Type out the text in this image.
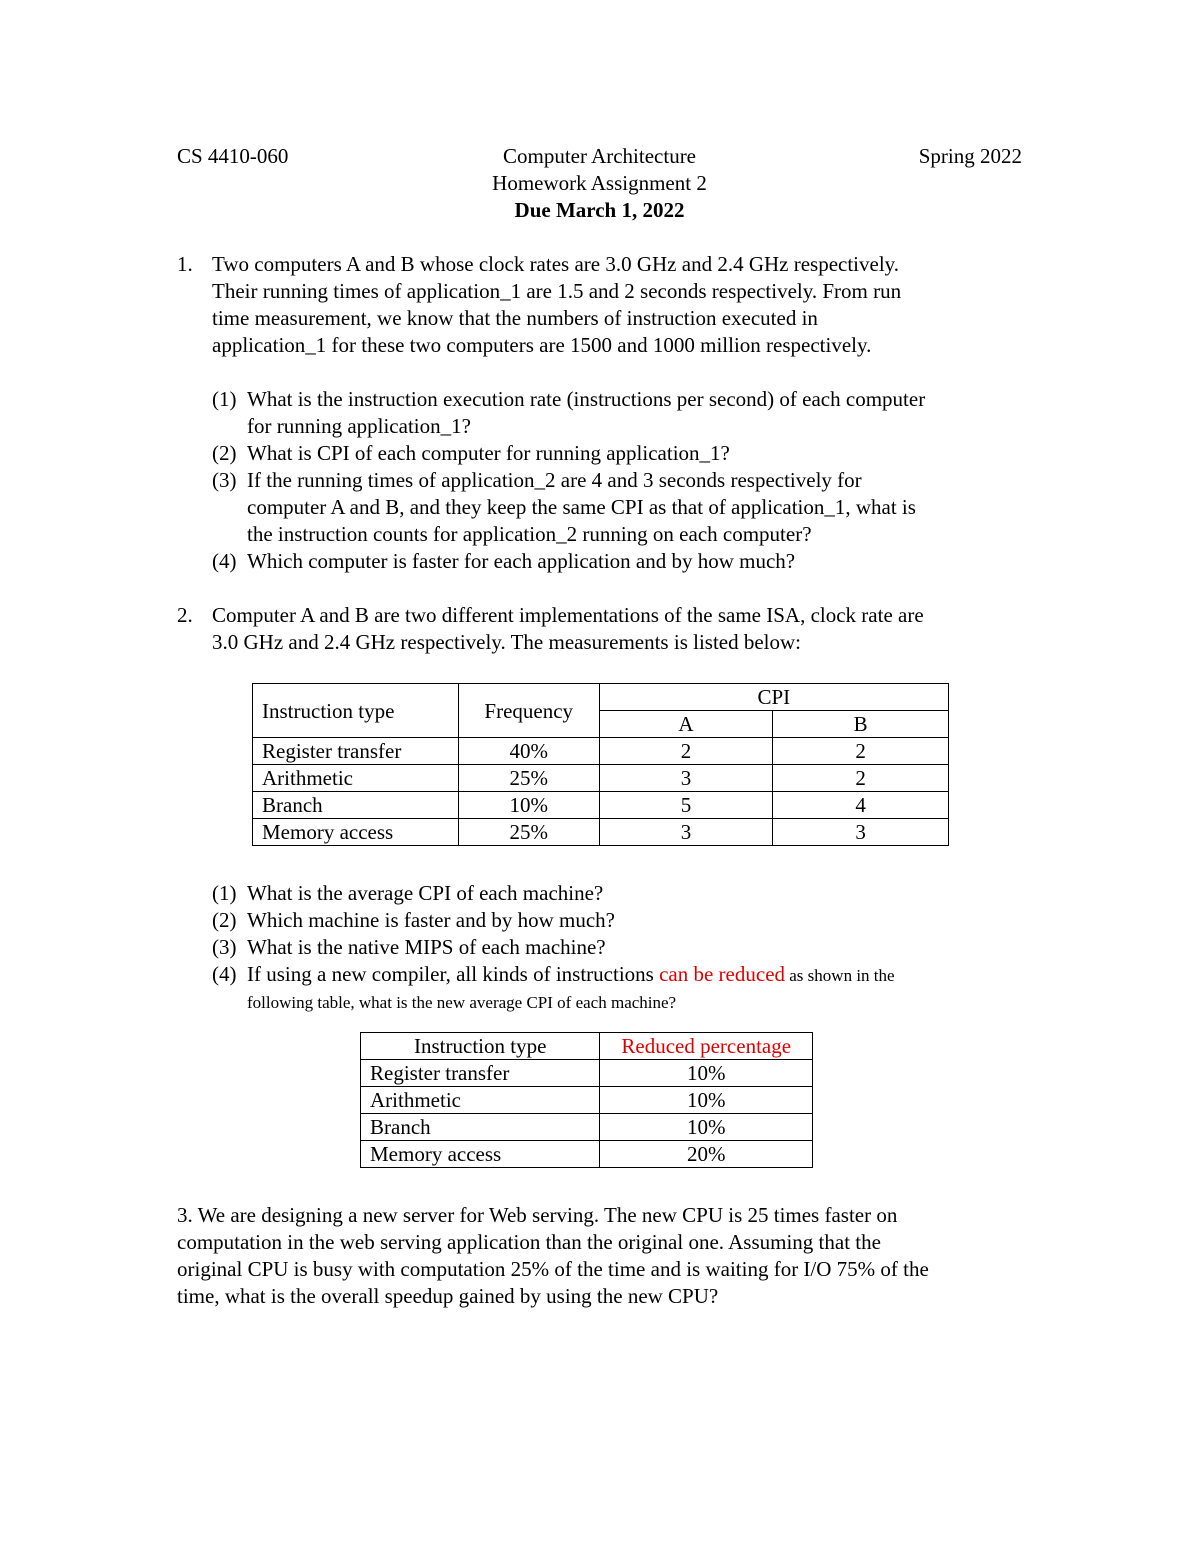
CS 4410-060	Computer Architecture	Spring 2022
Homework Assignment 2
Due March 1, 2022
1. Two computers A and B whose clock rates are 3.0 GHz and 2.4 GHz respectively.
Their running times of application_1 are 1.5 and 2 seconds respectively. From run
time measurement, we know that the numbers of instruction executed in
application_1 for these two computers are 1500 and 1000 million respectively.
(1) What is the instruction execution rate (instructions per second) of each computer
for running application_1?
(2) What is CPI of each computer for running application_1?
(3) If the running times of application_2 are 4 and 3 seconds respectively for
computer A and B, and they keep the same CPI as that of application_1, what is
the instruction counts for application_2 running on each computer?
(4) Which computer is faster for each application and by how much?
2. Computer A and B are two different implementations of the same ISA, clock rate are
3.0 GHz and 2.4 GHz respectively. The measurements is listed below:
Instruction type	Frequency	CPI	
		A	B
Register transfer	40%	2	2
Arithmetic	25%	3	2
Branch	10%	5	4
Memory access	25%	3	3
(1) What is the average CPI of each machine?
(2) Which machine is faster and by how much?
(3) What is the native MIPS of each machine?
(4) If using a new compiler, all kinds of instructions can be reduced as shown in the
following table, what is the new average CPI of each machine?
Instruction type	Reduced percentage
Register transfer	10%
Arithmetic	10%
Branch	10%
Memory access	20%
3. We are designing a new server for Web serving. The new CPU is 25 times faster on
computation in the web serving application than the original one. Assuming that the
original CPU is busy with computation 25% of the time and is waiting for I/O 75% of the
time, what is the overall speedup gained by using the new CPU?
